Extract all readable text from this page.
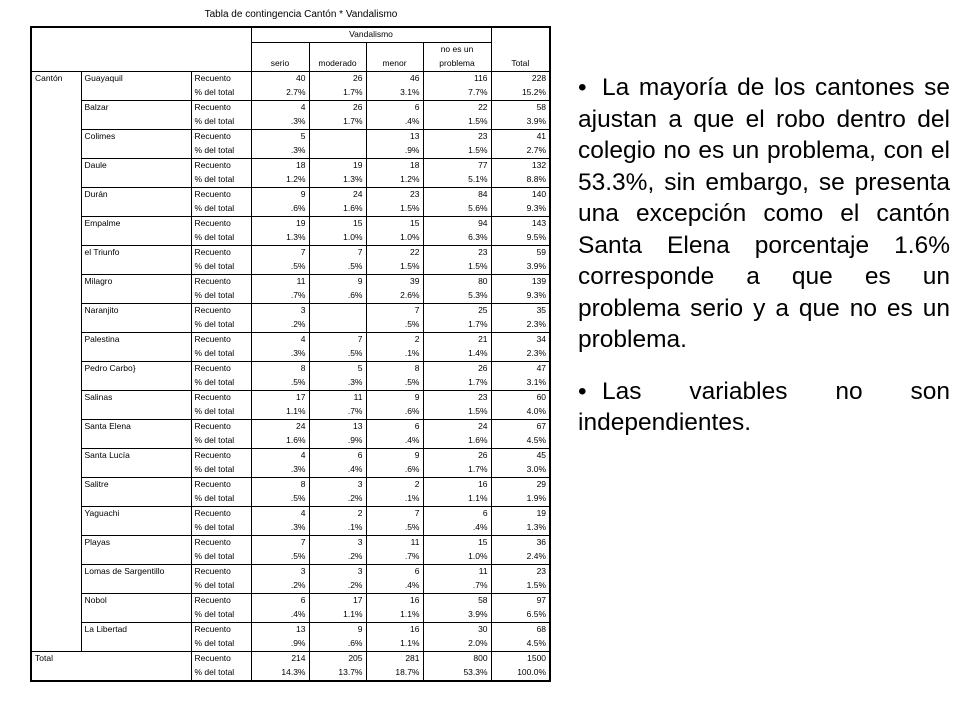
Tabla de contingencia Cantón * Vandalismo
			Vandalismo				
						no es un	
			serio	moderado	menor	problema	Total
Cantón	Guayaquil	Recuento	40	26	46	116	228
		% del total	2.7%	1.7%	3.1%	7.7%	15.2%
	Balzar	Recuento	4	26	6	22	58
		% del total	.3%	1.7%	.4%	1.5%	3.9%
	Colimes	Recuento	5		13	23	41
		% del total	.3%		.9%	1.5%	2.7%
	Daule	Recuento	18	19	18	77	132
		% del total	1.2%	1.3%	1.2%	5.1%	8.8%
	Durán	Recuento	9	24	23	84	140
		% del total	.6%	1.6%	1.5%	5.6%	9.3%
	Empalme	Recuento	19	15	15	94	143
		% del total	1.3%	1.0%	1.0%	6.3%	9.5%
	el Triunfo	Recuento	7	7	22	23	59
		% del total	.5%	.5%	1.5%	1.5%	3.9%
	Milagro	Recuento	11	9	39	80	139
		% del total	.7%	.6%	2.6%	5.3%	9.3%
	Naranjito	Recuento	3		7	25	35
		% del total	.2%		.5%	1.7%	2.3%
	Palestina	Recuento	4	7	2	21	34
		% del total	.3%	.5%	.1%	1.4%	2.3%
	Pedro Carbo}	Recuento	8	5	8	26	47
		% del total	.5%	.3%	.5%	1.7%	3.1%
	Salinas	Recuento	17	11	9	23	60
		% del total	1.1%	.7%	.6%	1.5%	4.0%
	Santa Elena	Recuento	24	13	6	24	67
		% del total	1.6%	.9%	.4%	1.6%	4.5%
	Santa Lucía	Recuento	4	6	9	26	45
		% del total	.3%	.4%	.6%	1.7%	3.0%
	Salitre	Recuento	8	3	2	16	29
		% del total	.5%	.2%	.1%	1.1%	1.9%
	Yaguachi	Recuento	4	2	7	6	19
		% del total	.3%	.1%	.5%	.4%	1.3%
	Playas	Recuento	7	3	11	15	36
		% del total	.5%	.2%	.7%	1.0%	2.4%
	Lomas de Sargentillo	Recuento	3	3	6	11	23
		% del total	.2%	.2%	.4%	.7%	1.5%
	Nobol	Recuento	6	17	16	58	97
		% del total	.4%	1.1%	1.1%	3.9%	6.5%
	La Libertad	Recuento	13	9	16	30	68
		% del total	.9%	.6%	1.1%	2.0%	4.5%
Total		Recuento	214	205	281	800	1500
		% del total	14.3%	13.7%	18.7%	53.3%	100.0%
• La mayoría de los cantones se ajustan a que el robo dentro del colegio no es un problema, con el 53.3%, sin embargo, se presenta una excepción como el cantón Santa Elena porcentaje 1.6% corresponde a que es un problema serio y a que no es un problema.
• Las variables no son independientes.
